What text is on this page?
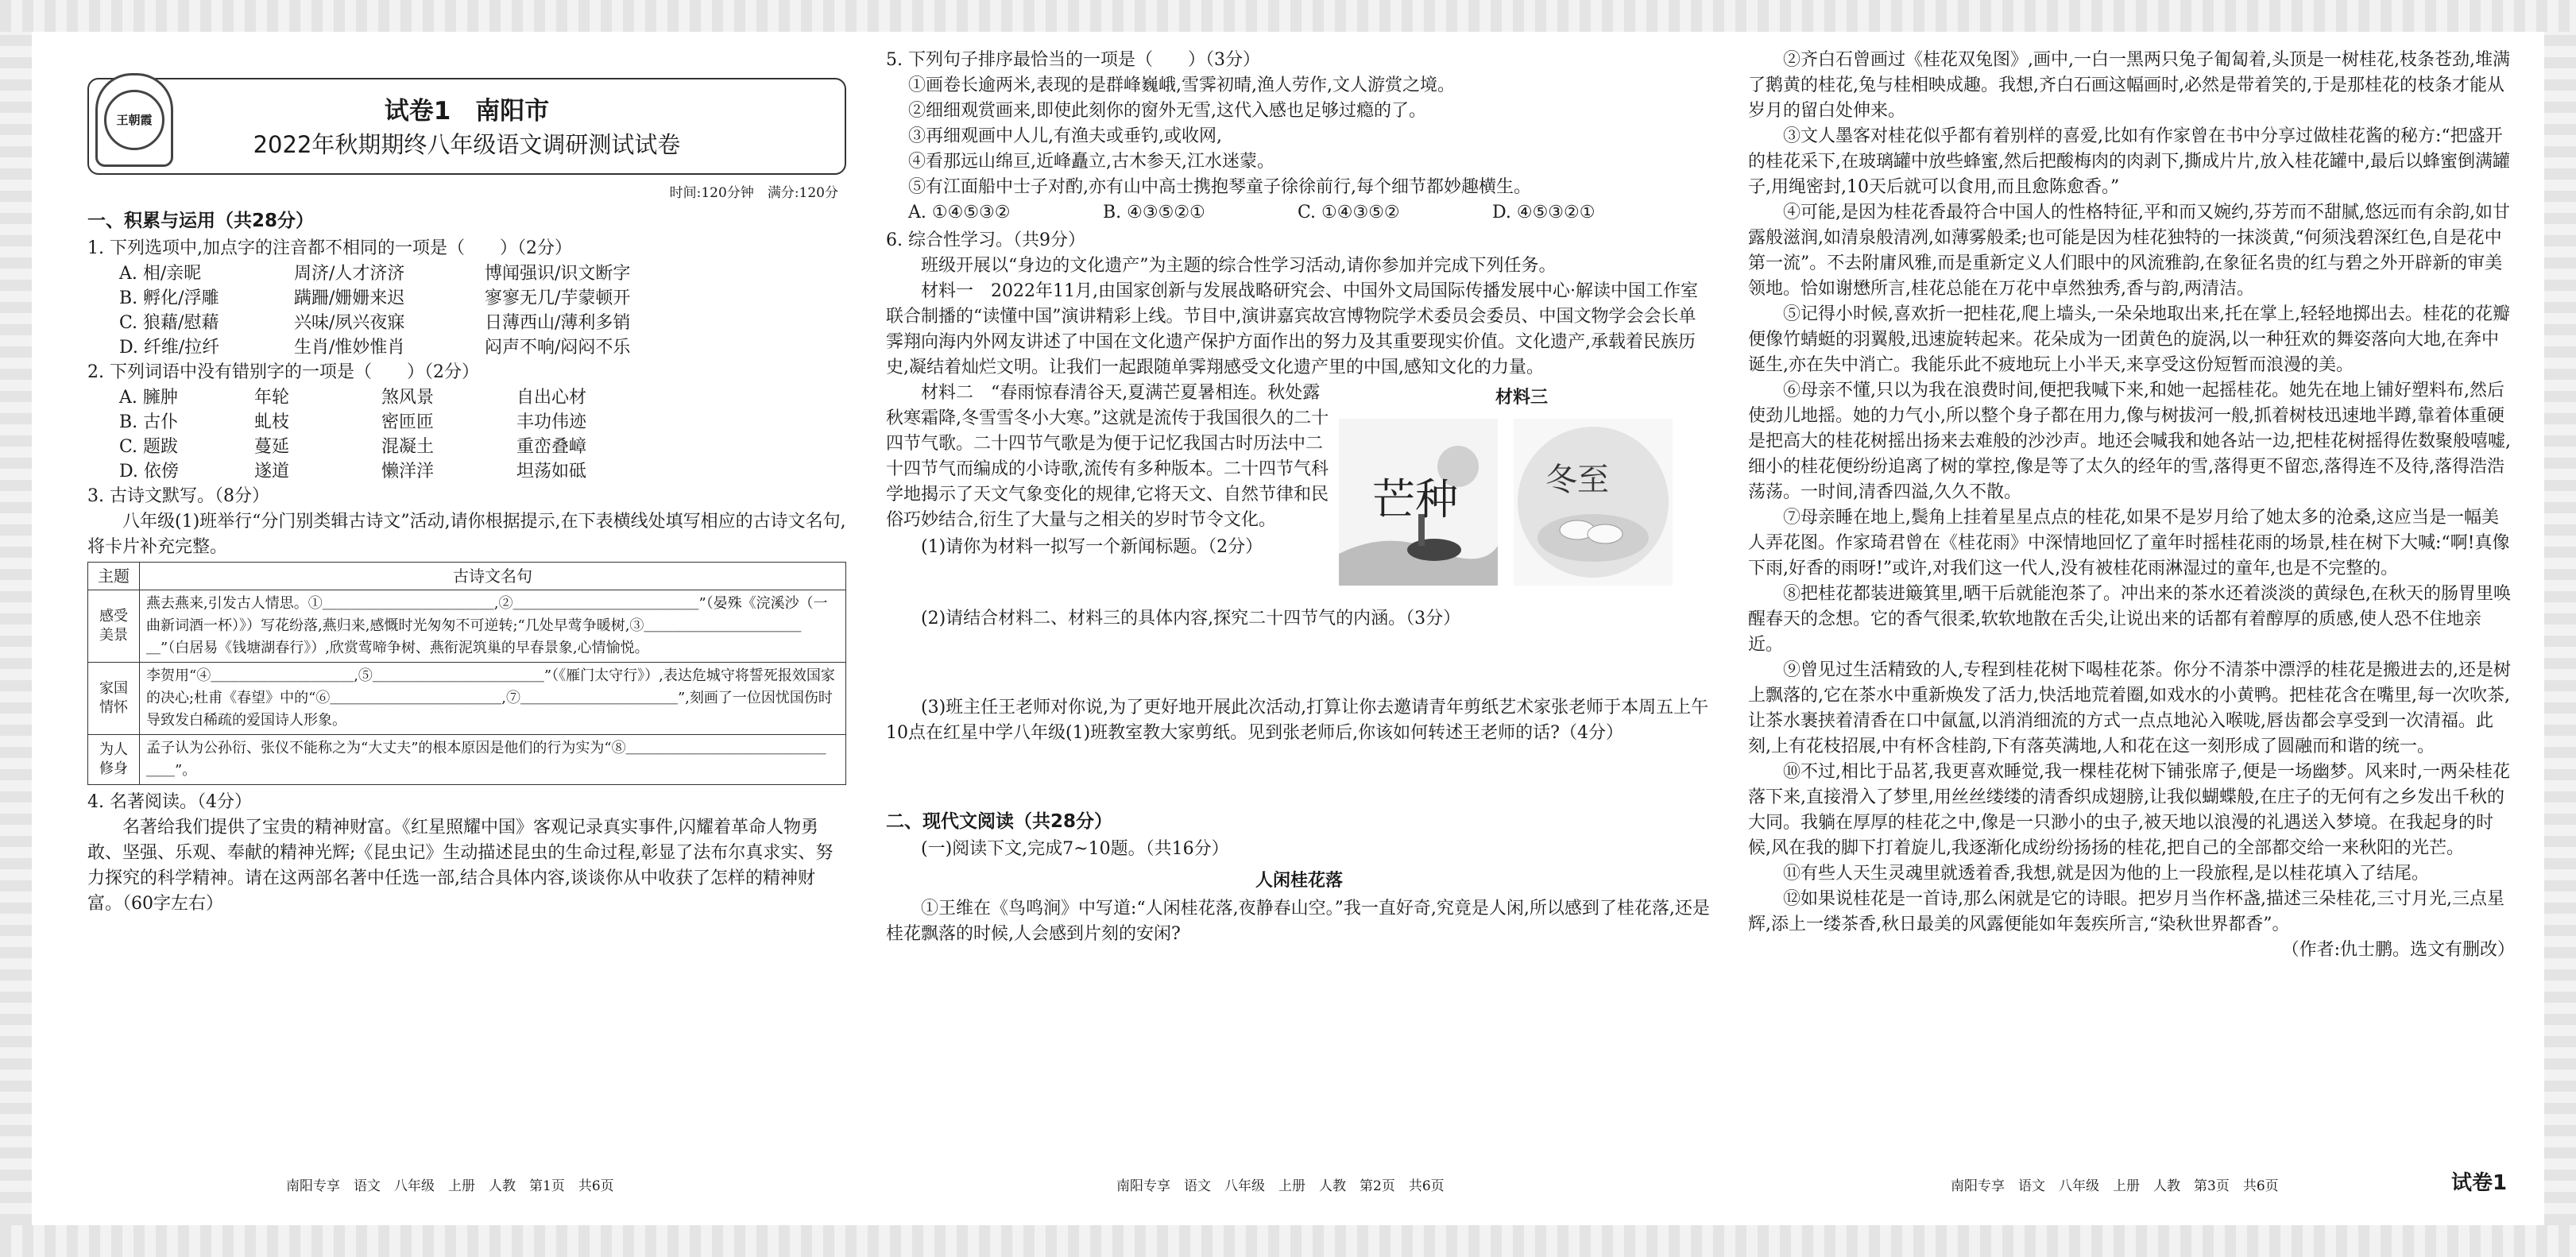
王朝霞	试卷1　南阳市
2022年秋期期终八年级语文调研测试试卷
时间:120分钟　满分:120分
一、积累与运用（共28分）

1. 下列选项中,加点字的注音都不相同的一项是（　　）（2分）

A. 相/亲昵	周济/人才济济	博闻强识/识文断字
B. 孵化/浮雕	蹒跚/姗姗来迟	寥寥无几/芋蒙顿开
C. 狼藉/慰藉	兴味/夙兴夜寐	日薄西山/薄利多销
D. 纤维/拉纤	生肖/惟妙惟肖	闷声不响/闷闷不乐

2. 下列词语中没有错别字的一项是（　　）（2分）

A. 臃肿	年轮	煞风景	自出心材
B. 古仆	虬枝	密匝匝	丰功伟迹
C. 题跋	蔓延	混凝土	重峦叠嶂
D. 依傍	遂道	懒洋洋	坦荡如砥

3. 古诗文默写。（8分）

八年级(1)班举行“分门别类辑古诗文”活动,请你根据提示,在下表横线处填写相应的古诗文名句,将卡片补充完整。

主题	古诗文名句
感受美景	燕去燕来,引发古人情思。①＿＿＿＿＿＿＿＿＿＿＿＿,②＿＿＿＿＿＿＿＿＿＿＿＿＿”（晏殊《浣溪沙（一曲新词酒一杯）》）写花纷落,燕归来,感慨时光匆匆不可逆转;“几处早莺争暖树,③＿＿＿＿＿＿＿＿＿＿＿＿”（白居易《钱塘湖春行》）,欣赏莺啼争树、燕衔泥筑巢的早春景象,心情愉悦。
家国情怀	李贺用“④＿＿＿＿＿＿＿＿＿＿,⑤＿＿＿＿＿＿＿＿＿＿＿＿”（《雁门太守行》）,表达危城守将誓死报效国家的决心;杜甫《春望》中的“⑥＿＿＿＿＿＿＿＿＿＿＿＿,⑦＿＿＿＿＿＿＿＿＿＿＿”,刻画了一位因忧国伤时导致发白稀疏的爱国诗人形象。
为人修身	孟子认为公孙衍、张仪不能称之为“大丈夫”的根本原因是他们的行为实为“⑧＿＿＿＿＿＿＿＿＿＿＿＿＿＿＿＿”。

4. 名著阅读。（4分）

名著给我们提供了宝贵的精神财富。《红星照耀中国》客观记录真实事件,闪耀着革命人物勇敢、坚强、乐观、奉献的精神光辉;《昆虫记》生动描述昆虫的生命过程,彰显了法布尔真求实、努力探究的科学精神。请在这两部名著中任选一部,结合具体内容,谈谈你从中收获了怎样的精神财富。（60字左右）

5. 下列句子排序最恰当的一项是（　　）（3分）

①画卷长逾两米,表现的是群峰巍峨,雪霁初晴,渔人劳作,文人游赏之境。

②细细观赏画来,即使此刻你的窗外无雪,这代入感也足够过瘾的了。

③再细观画中人儿,有渔夫或垂钓,或收网,

④看那远山绵亘,近峰矗立,古木参天,江水迷蒙。

⑤有江面船中士子对酌,亦有山中高士携抱琴童子徐徐前行,每个细节都妙趣横生。

A. ①④⑤③②	B. ④③⑤②①	C. ①④③⑤②	D. ④⑤③②①

6. 综合性学习。（共9分）

班级开展以“身边的文化遗产”为主题的综合性学习活动,请你参加并完成下列任务。

材料一　2022年11月,由国家创新与发展战略研究会、中国外文局国际传播发展中心·解读中国工作室联合制播的“读懂中国”演讲精彩上线。节目中,演讲嘉宾故宫博物院学术委员会委员、中国文物学会会长单霁翔向海内外网友讲述了中国在文化遗产保护方面作出的努力及其重要现实价值。文化遗产,承载着民族历史,凝结着灿烂文明。让我们一起跟随单霁翔感受文化遗产里的中国,感知文化的力量。

材料二　“春雨惊春清谷天,夏满芒夏暑相连。秋处露秋寒霜降,冬雪雪冬小大寒。”这就是流传于我国很久的二十四节气歌。二十四节气歌是为便于记忆我国古时历法中二十四节气而编成的小诗歌,流传有多种版本。二十四节气科学地揭示了天文气象变化的规律,它将天文、自然节律和民俗巧妙结合,衍生了大量与之相关的岁时节令文化。

材料三
芒种	冬至

(1)请你为材料一拟写一个新闻标题。（2分）

(2)请结合材料二、材料三的具体内容,探究二十四节气的内涵。（3分）

(3)班主任王老师对你说,为了更好地开展此次活动,打算让你去邀请青年剪纸艺术家张老师于本周五上午10点在红星中学八年级(1)班教室教大家剪纸。见到张老师后,你该如何转述王老师的话?（4分）

二、现代文阅读（共28分）

(一)阅读下文,完成7~10题。（共16分）

人闲桂花落

①王维在《鸟鸣涧》中写道:“人闲桂花落,夜静春山空。”我一直好奇,究竟是人闲,所以感到了桂花落,还是桂花飘落的时候,人会感到片刻的安闲?

②齐白石曾画过《桂花双兔图》,画中,一白一黑两只兔子匍匐着,头顶是一树桂花,枝条苍劲,堆满了鹅黄的桂花,兔与桂相映成趣。我想,齐白石画这幅画时,必然是带着笑的,于是那桂花的枝条才能从岁月的留白处伸来。

③文人墨客对桂花似乎都有着别样的喜爱,比如有作家曾在书中分享过做桂花酱的秘方:“把盛开的桂花采下,在玻璃罐中放些蜂蜜,然后把酸梅肉的肉剥下,撕成片片,放入桂花罐中,最后以蜂蜜倒满罐子,用绳密封,10天后就可以食用,而且愈陈愈香。”

④可能,是因为桂花香最符合中国人的性格特征,平和而又婉约,芬芳而不甜腻,悠远而有余韵,如甘露般滋润,如清泉般清冽,如薄雾般柔;也可能是因为桂花独特的一抹淡黄,“何须浅碧深红色,自是花中第一流”。不去附庸风雅,而是重新定义人们眼中的风流雅韵,在象征名贵的红与碧之外开辟新的审美领地。恰如谢懋所言,桂花总能在万花中卓然独秀,香与韵,两清洁。

⑤记得小时候,喜欢折一把桂花,爬上墙头,一朵朵地取出来,托在掌上,轻轻地掷出去。桂花的花瓣便像竹蜻蜓的羽翼般,迅速旋转起来。花朵成为一团黄色的旋涡,以一种狂欢的舞姿落向大地,在奔中诞生,亦在失中消亡。我能乐此不疲地玩上小半天,来享受这份短暂而浪漫的美。

⑥母亲不懂,只以为我在浪费时间,便把我喊下来,和她一起摇桂花。她先在地上铺好塑料布,然后使劲儿地摇。她的力气小,所以整个身子都在用力,像与树拔河一般,抓着树枝迅速地半蹲,靠着体重硬是把高大的桂花树摇出扬来去难般的沙沙声。地还会喊我和她各站一边,把桂花树摇得佐数聚般嘻嘘,细小的桂花便纷纷追离了树的掌控,像是等了太久的经年的雪,落得更不留恋,落得连不及待,落得浩浩荡荡。一时间,清香四溢,久久不散。

⑦母亲睡在地上,鬓角上挂着星星点点的桂花,如果不是岁月给了她太多的沧桑,这应当是一幅美人弄花图。作家琦君曾在《桂花雨》中深情地回忆了童年时摇桂花雨的场景,桂在树下大喊:“啊!真像下雨,好香的雨呀!”或许,对我们这一代人,没有被桂花雨淋湿过的童年,也是不完整的。

⑧把桂花都装进簸箕里,晒干后就能泡茶了。冲出来的茶水还着淡淡的黄绿色,在秋天的肠胃里唤醒春天的念想。它的香气很柔,软软地散在舌尖,让说出来的话都有着醇厚的质感,使人恐不住地亲近。

⑨曾见过生活精致的人,专程到桂花树下喝桂花茶。你分不清茶中漂浮的桂花是搬进去的,还是树上飘落的,它在茶水中重新焕发了活力,快活地荒着圈,如戏水的小黄鸭。把桂花含在嘴里,每一次吹茶,让茶水裹挟着清香在口中氤氲,以消消细流的方式一点点地沁入喉咙,唇齿都会享受到一次清福。此刻,上有花枝招展,中有杯含桂韵,下有落英满地,人和花在这一刻形成了圆融而和谐的统一。

⑩不过,相比于品茗,我更喜欢睡觉,我一棵桂花树下铺张席子,便是一场幽梦。风来时,一两朵桂花落下来,直接滑入了梦里,用丝丝缕缕的清香织成翅膀,让我似蝴蝶般,在庄子的无何有之乡发出千秋的大同。我躺在厚厚的桂花之中,像是一只渺小的虫子,被天地以浪漫的礼遇送入梦境。在我起身的时候,风在我的脚下打着旋儿,我逐渐化成纷纷扬扬的桂花,把自己的全部都交给一来秋阳的光芒。

⑪有些人天生灵魂里就透着香,我想,就是因为他的上一段旅程,是以桂花填入了结尾。

⑫如果说桂花是一首诗,那么闲就是它的诗眼。把岁月当作杯盏,描述三朵桂花,三寸月光,三点星辉,添上一缕茶香,秋日最美的风露便能如年轰疾所言,“染秋世界都香”。

（作者:仇士鹏。选文有删改）

南阳专享　语文　八年级　上册　人教　第1页　共6页	南阳专享　语文　八年级　上册　人教　第2页　共6页	南阳专享　语文　八年级　上册　人教　第3页　共6页	试卷1
